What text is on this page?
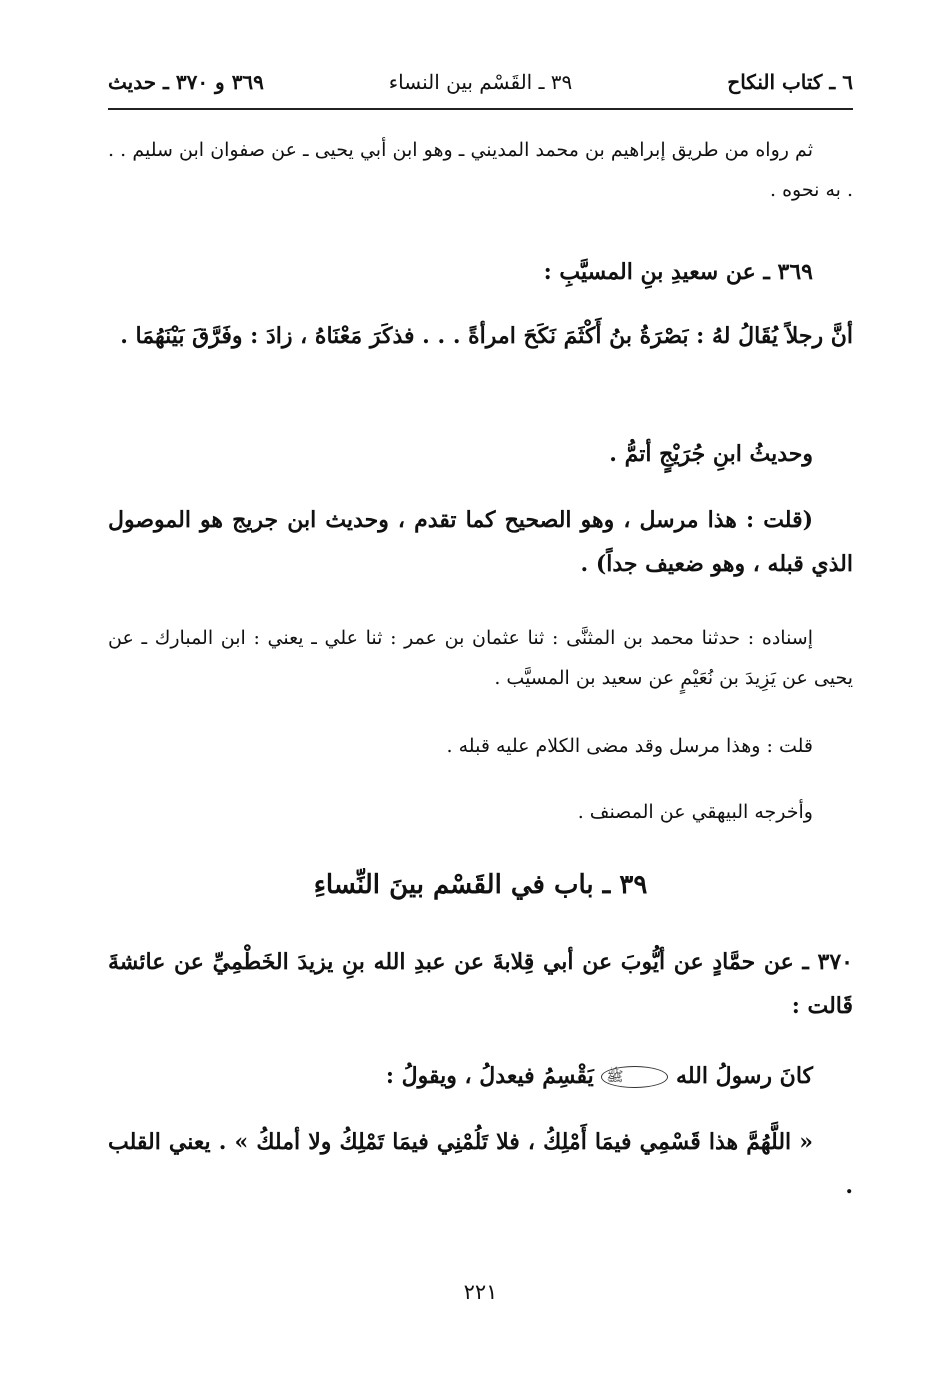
٦ ـ كتاب النكاح
٣٩ ـ القَسْم بين النساء
٣٦٩ و ٣٧٠ ـ حديث
ثم رواه من طريق إبراهيم بن محمد المديني ـ وهو ابن أبي يحيى ـ عن صفوان ابن سليم . . . به نحوه .
٣٦٩ ـ عن سعيدِ بنِ المسيَّبِ :
أنَّ رجلاً يُقَالُ لهُ : بَصْرَةُ بنُ أَكْثَمَ نَكَحَ امرأةً . . . فذكَرَ مَعْنَاهُ ، زادَ : وفَرَّقَ بَيْنَهُمَا .
وحديثُ ابنِ جُرَيْجٍ أتمُّ .
(قلت : هذا مرسل ، وهو الصحيح كما تقدم ، وحديث ابن جريج هو الموصول الذي قبله ، وهو ضعيف جداً) .
إسناده : حدثنا محمد بن المثنَّى : ثنا عثمان بن عمر : ثنا علي ـ يعني : ابن المبارك ـ عن يحيى عن يَزِيدَ بن نُعَيْمٍ عن سعيد بن المسيَّب .
قلت : وهذا مرسل وقد مضى الكلام عليه قبله .
وأخرجه البيهقي عن المصنف .
٣٩ ـ باب في القَسْم بينَ النِّساءِ
٣٧٠ ـ عن حمَّادٍ عن أيُّوبَ عن أبي قِلابةَ عن عبدِ الله بنِ يزيدَ الخَطْمِيِّ عن عائشةَ قَالت :
كانَ رسولُ الله ﷺ يَقْسِمُ فيعدلُ ، ويقولُ :
« اللَّهُمَّ هذا قَسْمِي فيمَا أَمْلِكُ ، فلا تَلُمْنِي فيمَا تَمْلِكُ ولا أملكُ » . يعني القلب .
٢٢١
